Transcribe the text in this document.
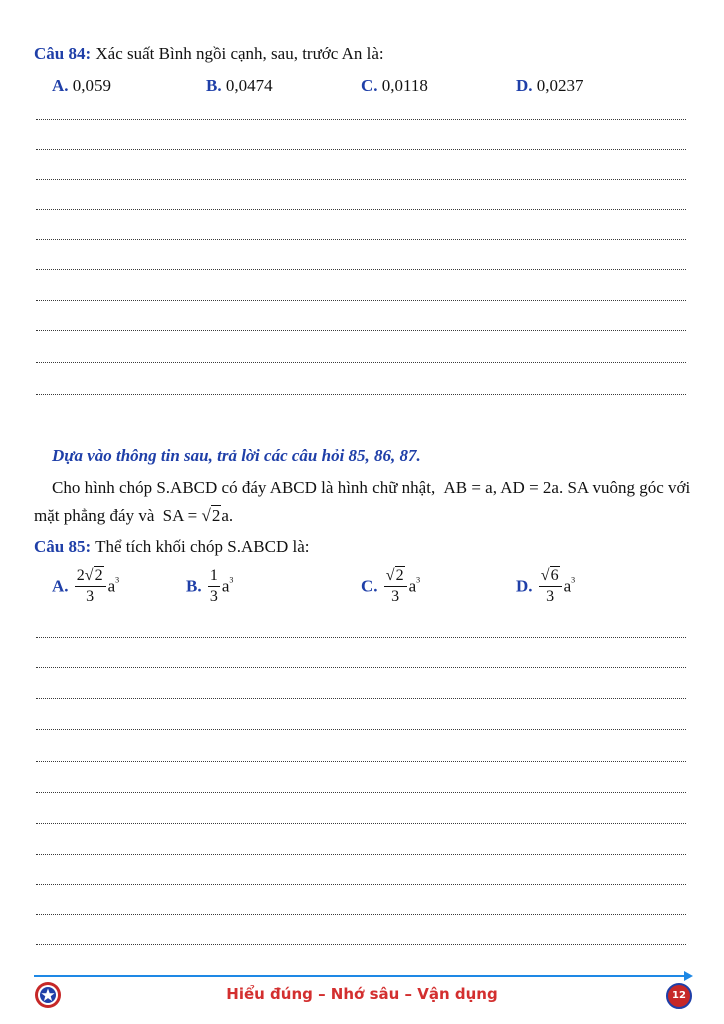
Câu 84: Xác suất Bình ngồi cạnh, sau, trước An là:
A. 0,059	B. 0,0474	C. 0,0118	D. 0,0237
Dựa vào thông tin sau, trả lời các câu hỏi 85, 86, 87.
Cho hình chóp S.ABCD có đáy ABCD là hình chữ nhật, AB = a, AD = 2a. SA vuông góc với
mặt phẳng đáy và SA = √2a.
Câu 85: Thể tích khối chóp S.ABCD là:
A. $\frac{2√2}{3} a^3$	B. $\frac{1}{3} a^3$	C. $\frac{√2}{3} a^3$	D. $\frac{√6}{3} a^3$
Hiểu đúng – Nhớ sâu – Vận dụng	12
